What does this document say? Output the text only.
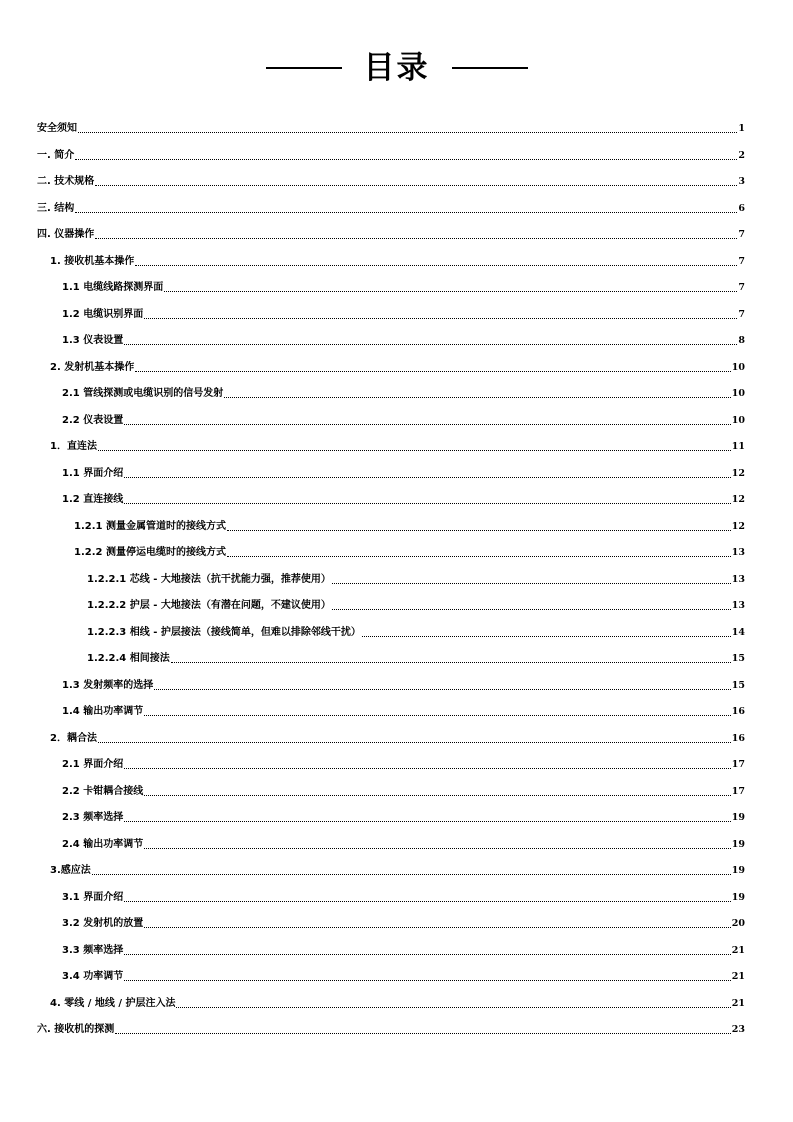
目录
安全须知	1
一. 简介	2
二. 技术规格	3
三. 结构	6
四. 仪器操作	7
1. 接收机基本操作	7
1.1 电缆线路探测界面	7
1.2 电缆识别界面	7
1.3 仪表设置	8
2. 发射机基本操作	10
2.1 管线探测或电缆识别的信号发射	10
2.2 仪表设置	10
1．直连法	11
1.1 界面介绍	12
1.2 直连接线	12
1.2.1 测量金属管道时的接线方式	12
1.2.2 测量停运电缆时的接线方式	13
1.2.2.1 芯线 - 大地接法（抗干扰能力强，推荐使用）	13
1.2.2.2 护层 - 大地接法（有潜在问题，不建议使用）	13
1.2.2.3 相线 - 护层接法（接线简单，但难以排除邻线干扰）	14
1.2.2.4 相间接法	15
1.3 发射频率的选择	15
1.4 输出功率调节	16
2．耦合法	16
2.1 界面介绍	17
2.2 卡钳耦合接线	17
2.3 频率选择	19
2.4 输出功率调节	19
3.感应法	19
3.1 界面介绍	19
3.2 发射机的放置	20
3.3 频率选择	21
3.4 功率调节	21
4. 零线 / 地线 / 护层注入法	21
六. 接收机的探测	23
